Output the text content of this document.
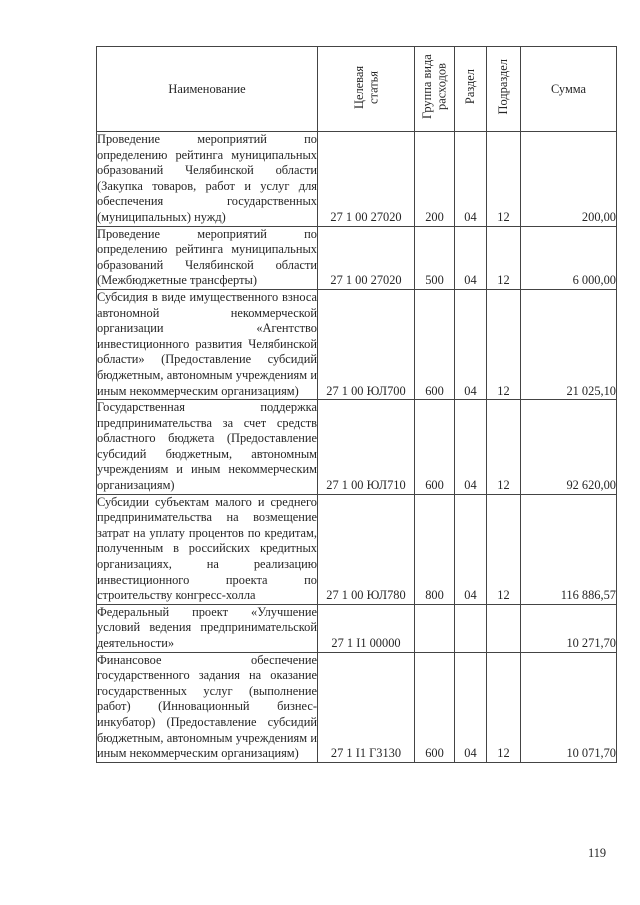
Наименование	Целевая статья	Группа вида расходов	Раздел	Подраздел	Сумма
Проведение мероприятий по определению рейтинга муниципальных образований Челябинской области (Закупка товаров, работ и услуг для обеспечения государственных (муниципальных) нужд)	27 1 00 27020	200	04	12	200,00
Проведение мероприятий по определению рейтинга муниципальных образований Челябинской области (Межбюджетные трансферты)	27 1 00 27020	500	04	12	6 000,00
Субсидия в виде имущественного взноса автономной некоммерческой организации «Агентство инвестиционного развития Челябинской области» (Предоставление субсидий бюджетным, автономным учреждениям и иным некоммерческим организациям)	27 1 00 ЮЛ700	600	04	12	21 025,10
Государственная поддержка предпринимательства за счет средств областного бюджета (Предоставление субсидий бюджетным, автономным учреждениям и иным некоммерческим организациям)	27 1 00 ЮЛ710	600	04	12	92 620,00
Субсидии субъектам малого и среднего предпринимательства на возмещение затрат на уплату процентов по кредитам, полученным в российских кредитных организациях, на реализацию инвестиционного проекта по строительству конгресс-холла	27 1 00 ЮЛ780	800	04	12	116 886,57
Федеральный проект «Улучшение условий ведения предпринимательской деятельности»	27 1 I1 00000				10 271,70
Финансовое обеспечение государственного задания на оказание государственных услуг (выполнение работ) (Инновационный бизнес-инкубатор) (Предоставление субсидий бюджетным, автономным учреждениям и иным некоммерческим организациям)	27 1 I1 Г3130	600	04	12	10 071,70
119
